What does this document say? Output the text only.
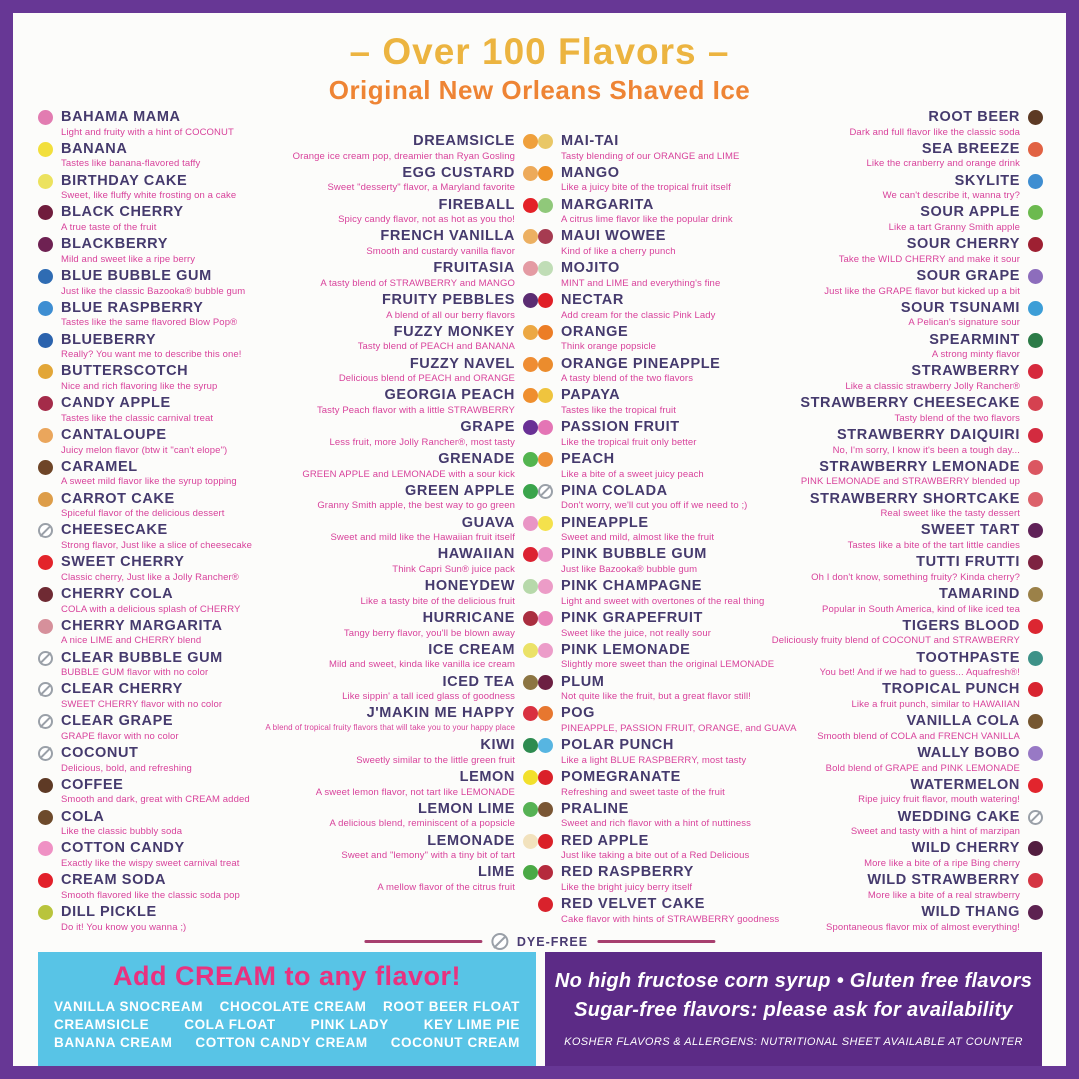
– Over 100 Flavors –
Original New Orleans Shaved Ice
BAHAMA MAMA
Light and fruity with a hint of COCONUT
BANANA
Tastes like banana-flavored taffy
BIRTHDAY CAKE
Sweet, like fluffy white frosting on a cake
BLACK CHERRY
A true taste of the fruit
BLACKBERRY
Mild and sweet like a ripe berry
BLUE BUBBLE GUM
Just like the classic Bazooka® bubble gum
BLUE RASPBERRY
Tastes like the same flavored Blow Pop®
BLUEBERRY
Really? You want me to describe this one!
BUTTERSCOTCH
Nice and rich flavoring like the syrup
CANDY APPLE
Tastes like the classic carnival treat
CANTALOUPE
Juicy melon flavor (btw it "can't elope")
CARAMEL
A sweet mild flavor like the syrup topping
CARROT CAKE
Spiceful flavor of the delicious dessert
CHEESECAKE
Strong flavor, Just like a slice of cheesecake
SWEET CHERRY
Classic cherry, Just like a Jolly Rancher®
CHERRY COLA
COLA with a delicious splash of CHERRY
CHERRY MARGARITA
A nice LIME and CHERRY blend
CLEAR BUBBLE GUM
BUBBLE GUM flavor with no color
CLEAR CHERRY
SWEET CHERRY flavor with no color
CLEAR GRAPE
GRAPE flavor with no color
COCONUT
Delicious, bold, and refreshing
COFFEE
Smooth and dark, great with CREAM added
COLA
Like the classic bubbly soda
COTTON CANDY
Exactly like the wispy sweet carnival treat
CREAM SODA
Smooth flavored like the classic soda pop
DILL PICKLE
Do it! You know you wanna ;)
DREAMSICLE
Orange ice cream pop, dreamier than Ryan Gosling
EGG CUSTARD
Sweet "desserty" flavor, a Maryland favorite
FIREBALL
Spicy candy flavor, not as hot as you tho!
FRENCH VANILLA
Smooth and custardy vanilla flavor
FRUITASIA
A tasty blend of STRAWBERRY and MANGO
FRUITY PEBBLES
A blend of all our berry flavors
FUZZY MONKEY
Tasty blend of PEACH and BANANA
FUZZY NAVEL
Delicious blend of PEACH and ORANGE
GEORGIA PEACH
Tasty Peach flavor with a little STRAWBERRY
GRAPE
Less fruit, more Jolly Rancher®, most tasty
GRENADE
GREEN APPLE and LEMONADE with a sour kick
GREEN APPLE
Granny Smith apple, the best way to go green
GUAVA
Sweet and mild like the Hawaiian fruit itself
HAWAIIAN
Think Capri Sun® juice pack
HONEYDEW
Like a tasty bite of the delicious fruit
HURRICANE
Tangy berry flavor, you'll be blown away
ICE CREAM
Mild and sweet, kinda like vanilla ice cream
ICED TEA
Like sippin' a tall iced glass of goodness
J'MAKIN ME HAPPY
A blend of tropical fruity flavors that will take you to your happy place
KIWI
Sweetly similar to the little green fruit
LEMON
A sweet lemon flavor, not tart like LEMONADE
LEMON LIME
A delicious blend, reminiscent of a popsicle
LEMONADE
Sweet and "lemony" with a tiny bit of tart
LIME
A mellow flavor of the citrus fruit
MAI-TAI
Tasty blending of our ORANGE and LIME
MANGO
Like a juicy bite of the tropical fruit itself
MARGARITA
A citrus lime flavor like the popular drink
MAUI WOWEE
Kind of like a cherry punch
MOJITO
MINT and LIME and everything's fine
NECTAR
Add cream for the classic Pink Lady
ORANGE
Think orange popsicle
ORANGE PINEAPPLE
A tasty blend of the two flavors
PAPAYA
Tastes like the tropical fruit
PASSION FRUIT
Like the tropical fruit only better
PEACH
Like a bite of a sweet juicy peach
PINA COLADA
Don't worry, we'll cut you off if we need to ;)
PINEAPPLE
Sweet and mild, almost like the fruit
PINK BUBBLE GUM
Just like Bazooka® bubble gum
PINK CHAMPAGNE
Light and sweet with overtones of the real thing
PINK GRAPEFRUIT
Sweet like the juice, not really sour
PINK LEMONADE
Slightly more sweet than the original LEMONADE
PLUM
Not quite like the fruit, but a great flavor still!
POG
PINEAPPLE, PASSION FRUIT, ORANGE, and GUAVA
POLAR PUNCH
Like a light BLUE RASPBERRY, most tasty
POMEGRANATE
Refreshing and sweet taste of the fruit
PRALINE
Sweet and rich flavor with a hint of nuttiness
RED APPLE
Just like taking a bite out of a Red Delicious
RED RASPBERRY
Like the bright juicy berry itself
RED VELVET CAKE
Cake flavor with hints of STRAWBERRY goodness
ROOT BEER
Dark and full flavor like the classic soda
SEA BREEZE
Like the cranberry and orange drink
SKYLITE
We can't describe it, wanna try?
SOUR APPLE
Like a tart Granny Smith apple
SOUR CHERRY
Take the WILD CHERRY and make it sour
SOUR GRAPE
Just like the GRAPE flavor but kicked up a bit
SOUR TSUNAMI
A Pelican's signature sour
SPEARMINT
A strong minty flavor
STRAWBERRY
Like a classic strawberry Jolly Rancher®
STRAWBERRY CHEESECAKE
Tasty blend of the two flavors
STRAWBERRY DAIQUIRI
No, I'm sorry, I know it's been a tough day...
STRAWBERRY LEMONADE
PINK LEMONADE and STRAWBERRY blended up
STRAWBERRY SHORTCAKE
Real sweet like the tasty dessert
SWEET TART
Tastes like a bite of the tart little candies
TUTTI FRUTTI
Oh I don't know, something fruity? Kinda cherry?
TAMARIND
Popular in South America, kind of like iced tea
TIGERS BLOOD
Deliciously fruity blend of COCONUT and STRAWBERRY
TOOTHPASTE
You bet! And if we had to guess... Aquafresh®!
TROPICAL PUNCH
Like a fruit punch, similar to HAWAIIAN
VANILLA COLA
Smooth blend of COLA and FRENCH VANILLA
WALLY BOBO
Bold blend of GRAPE and PINK LEMONADE
WATERMELON
Ripe juicy fruit flavor, mouth watering!
WEDDING CAKE
Sweet and tasty with a hint of marzipan
WILD CHERRY
More like a bite of a ripe Bing cherry
WILD STRAWBERRY
More like a bite of a real strawberry
WILD THANG
Spontaneous flavor mix of almost everything!
DYE-FREE
Add CREAM to any flavor!
VANILLA SNOCREAM CHOCOLATE CREAM ROOT BEER FLOAT
CREAMSICLE	COLA FLOAT	PINK LADY	KEY LIME PIE
BANANA CREAM COTTON CANDY CREAM COCONUT CREAM
No high fructose corn syrup • Gluten free flavors
Sugar-free flavors: please ask for availability
KOSHER FLAVORS & ALLERGENS: NUTRITIONAL SHEET AVAILABLE AT COUNTER
